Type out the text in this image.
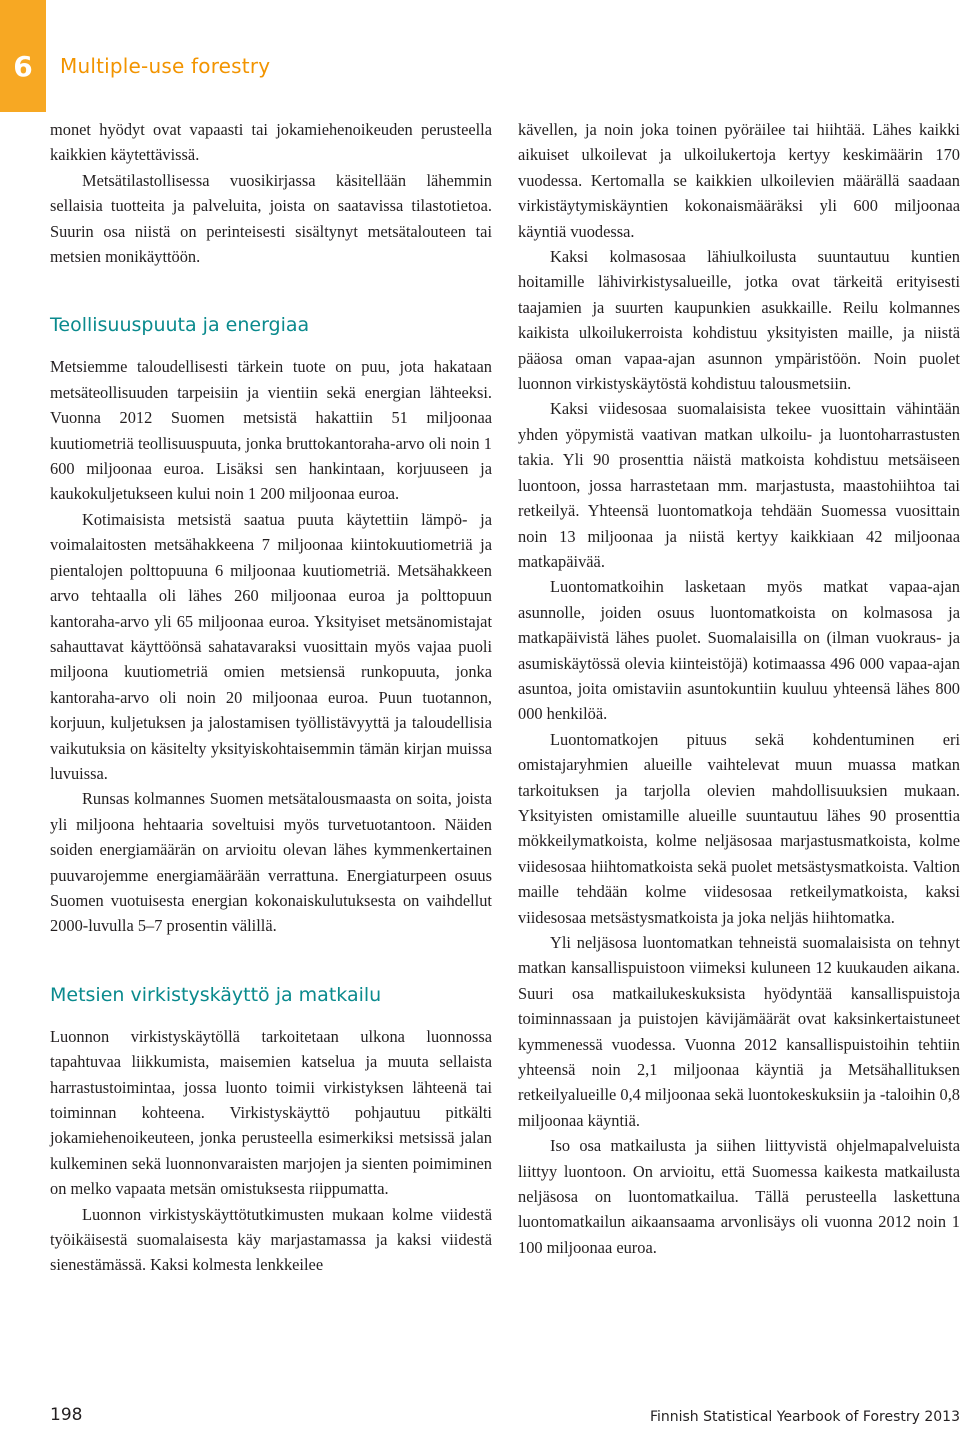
6 Multiple-use forestry

monet hyödyt ovat vapaasti tai jokamiehenoikeuden perusteella kaikkien käytettävissä.

Metsätilastollisessa vuosikirjassa käsitellään lähemmin sellaisia tuotteita ja palveluita, joista on saatavissa tilastotietoa. Suurin osa niistä on perinteisesti sisältynyt metsätalouteen tai metsien monikäyttöön.

Teollisuuspuuta ja energiaa

Metsiemme taloudellisesti tärkein tuote on puu, jota hakataan metsäteollisuuden tarpeisiin ja vientiin sekä energian lähteeksi. Vuonna 2012 Suomen metsistä hakattiin 51 miljoonaa kuutiometriä teollisuuspuuta, jonka bruttokantoraha-arvo oli noin 1 600 miljoonaa euroa. Lisäksi sen hankintaan, korjuuseen ja kaukokuljetukseen kului noin 1 200 miljoonaa euroa.

Kotimaisista metsistä saatua puuta käytettiin lämpö- ja voimalaitosten metsähakkeena 7 miljoonaa kiintokuutiometriä ja pientalojen polttopuuna 6 miljoonaa kuutiometriä. Metsähakkeen arvo tehtaalla oli lähes 260 miljoonaa euroa ja polttopuun kantoraha-arvo yli 65 miljoonaa euroa. Yksityiset metsänomistajat sahauttavat käyttöönsä sahatavaraksi vuosittain myös vajaa puoli miljoona kuutiometriä omien metsiensä runkopuuta, jonka kantoraha-arvo oli noin 20 miljoonaa euroa. Puun tuotannon, korjuun, kuljetuksen ja jalostamisen työllistävyyttä ja taloudellisia vaikutuksia on käsitelty yksityiskohtaisemmin tämän kirjan muissa luvuissa.

Runsas kolmannes Suomen metsätalousmaasta on soita, joista yli miljoona hehtaaria soveltuisi myös turvetuotantoon. Näiden soiden energiamäärän on arvioitu olevan lähes kymmenkertainen puuvarojemme energiamäärään verrattuna. Energiaturpeen osuus Suomen vuotuisesta energian kokonaiskulutuksesta on vaihdellut 2000-luvulla 5–7 prosentin välillä.

Metsien virkistyskäyttö ja matkailu

Luonnon virkistyskäytöllä tarkoitetaan ulkona luonnossa tapahtuvaa liikkumista, maisemien katselua ja muuta sellaista harrastustoimintaa, jossa luonto toimii virkistyksen lähteenä tai toiminnan kohteena. Virkistyskäyttö pohjautuu pitkälti jokamiehenoikeuteen, jonka perusteella esimerkiksi metsissä jalan kulkeminen sekä luonnonvaraisten marjojen ja sienten poimiminen on melko vapaata metsän omistuksesta riippumatta.

Luonnon virkistyskäyttötutkimusten mukaan kolme viidestä työikäisestä suomalaisesta käy marjastamassa ja kaksi viidestä sienestämässä. Kaksi kolmesta lenkkeilee

kävellen, ja noin joka toinen pyöräilee tai hiihtää. Lähes kaikki aikuiset ulkoilevat ja ulkoilukertoja kertyy keskimäärin 170 vuodessa. Kertomalla se kaikkien ulkoilevien määrällä saadaan virkistäytymiskäyntien kokonaismääräksi yli 600 miljoonaa käyntiä vuodessa.

Kaksi kolmasosaa lähiulkoilusta suuntautuu kuntien hoitamille lähivirkistysalueille, jotka ovat tärkeitä erityisesti taajamien ja suurten kaupunkien asukkaille. Reilu kolmannes kaikista ulkoilukerroista kohdistuu yksityisten maille, ja niistä pääosa oman vapaa-ajan asunnon ympäristöön. Noin puolet luonnon virkistyskäytöstä kohdistuu talousmetsiin.

Kaksi viidesosaa suomalaisista tekee vuosittain vähintään yhden yöpymistä vaativan matkan ulkoilu- ja luontoharrastusten takia. Yli 90 prosenttia näistä matkoista kohdistuu metsäiseen luontoon, jossa harrastetaan mm. marjastusta, maastohiihtoa tai retkeilyä. Yhteensä luontomatkoja tehdään Suomessa vuosittain noin 13 miljoonaa ja niistä kertyy kaikkiaan 42 miljoonaa matkapäivää.

Luontomatkoihin lasketaan myös matkat vapaa-ajan asunnolle, joiden osuus luontomatkoista on kolmasosa ja matkapäivistä lähes puolet. Suomalaisilla on (ilman vuokraus- ja asumiskäytössä olevia kiinteistöjä) kotimaassa 496 000 vapaa-ajan asuntoa, joita omistaviin asuntokuntiin kuuluu yhteensä lähes 800 000 henkilöä.

Luontomatkojen pituus sekä kohdentuminen eri omistajaryhmien alueille vaihtelevat muun muassa matkan tarkoituksen ja tarjolla olevien mahdollisuuksien mukaan. Yksityisten omistamille alueille suuntautuu lähes 90 prosenttia mökkeilymatkoista, kolme neljäsosaa marjastusmatkoista, kolme viidesosaa hiihtomatkoista sekä puolet metsästysmatkoista. Valtion maille tehdään kolme viidesosaa retkeilymatkoista, kaksi viidesosaa metsästysmatkoista ja joka neljäs hiihtomatka.

Yli neljäsosa luontomatkan tehneistä suomalaisista on tehnyt matkan kansallispuistoon viimeksi kuluneen 12 kuukauden aikana. Suuri osa matkailukeskuksista hyödyntää kansallispuistoja toiminnassaan ja puistojen kävijämäärät ovat kaksinkertaistuneet kymmenessä vuodessa. Vuonna 2012 kansallispuistoihin tehtiin yhteensä noin 2,1 miljoonaa käyntiä ja Metsähallituksen retkeilyalueille 0,4 miljoonaa sekä luontokeskuksiin ja -taloihin 0,8 miljoonaa käyntiä.

Iso osa matkailusta ja siihen liittyvistä ohjelmapalveluista liittyy luontoon. On arvioitu, että Suomessa kaikesta matkailusta neljäsosa on luontomatkailua. Tällä perusteella laskettuna luontomatkailun aikaansaama arvonlisäys oli vuonna 2012 noin 1 100 miljoonaa euroa.

198	Finnish Statistical Yearbook of Forestry 2013
